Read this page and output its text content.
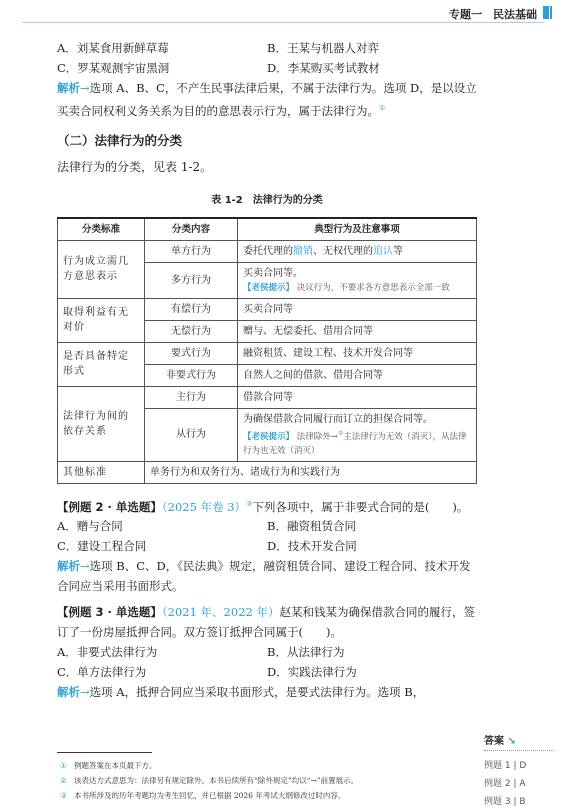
专题一　民法基础
A．刘某食用新鲜草莓	B．王某与机器人对弈
C．罗某观测宇宙黑洞	D．李某购买考试教材

解析→选项 A、B、C，不产生民事法律后果，不属于法律行为。选项 D，是以设立买卖合同权利义务关系为目的的意思表示行为，属于法律行为。①

（二）法律行为的分类

法律行为的分类，见表 1-2。

表 1-2　法律行为的分类
分类标准	分类内容	典型行为及注意事项
行为成立需几方意思表示	单方行为	委托代理的撤销、无权代理的追认等
	多方行为	买卖合同等。
【老侯提示】 决议行为，不要求各方意思表示全部一致

取得利益有无对价	有偿行为	买卖合同等
	无偿行为	赠与、无偿委托、借用合同等
是否具备特定形式	要式行为	融资租赁、建设工程、技术开发合同等
	非要式行为	自然人之间的借款、借用合同等
法律行为间的依存关系	主行为	借款合同等
	从行为	为确保借款合同履行而订立的担保合同等。
【老侯提示】 法律除外→②主法律行为无效（消灭），从法律行为也无效（消灭）

其他标准	单务行为和双务行为、诸成行为和实践行为	

【例题 2 · 单选题】（2025 年卷 3）③下列各项中，属于非要式合同的是(　　)。

A．赠与合同	B．融资租赁合同
C．建设工程合同	D．技术开发合同

解析→选项 B、C、D，《民法典》规定，融资租赁合同、建设工程合同、技术开发合同应当采用书面形式。

【例题 3 · 单选题】（2021 年、2022 年）赵某和钱某为确保借款合同的履行，签订了一份房屋抵押合同。双方签订抵押合同属于(　　)。

A．非要式法律行为	B．从法律行为
C．单方法律行为	D．实践法律行为

解析→选项 A，抵押合同应当采取书面形式，是要式法律行为。选项 B，

答案 ↘
例题 1 | D
例题 2 | A
例题 3 | B
① 例题答案在本页最下方。
② 该表达方式意思为：法律另有规定除外。本书后续所有“除外规定”均以“→”前置展示。
③ 本书所涉及的历年考题均为考生回忆，并已根据 2026 年考试大纲修改过时内容。
